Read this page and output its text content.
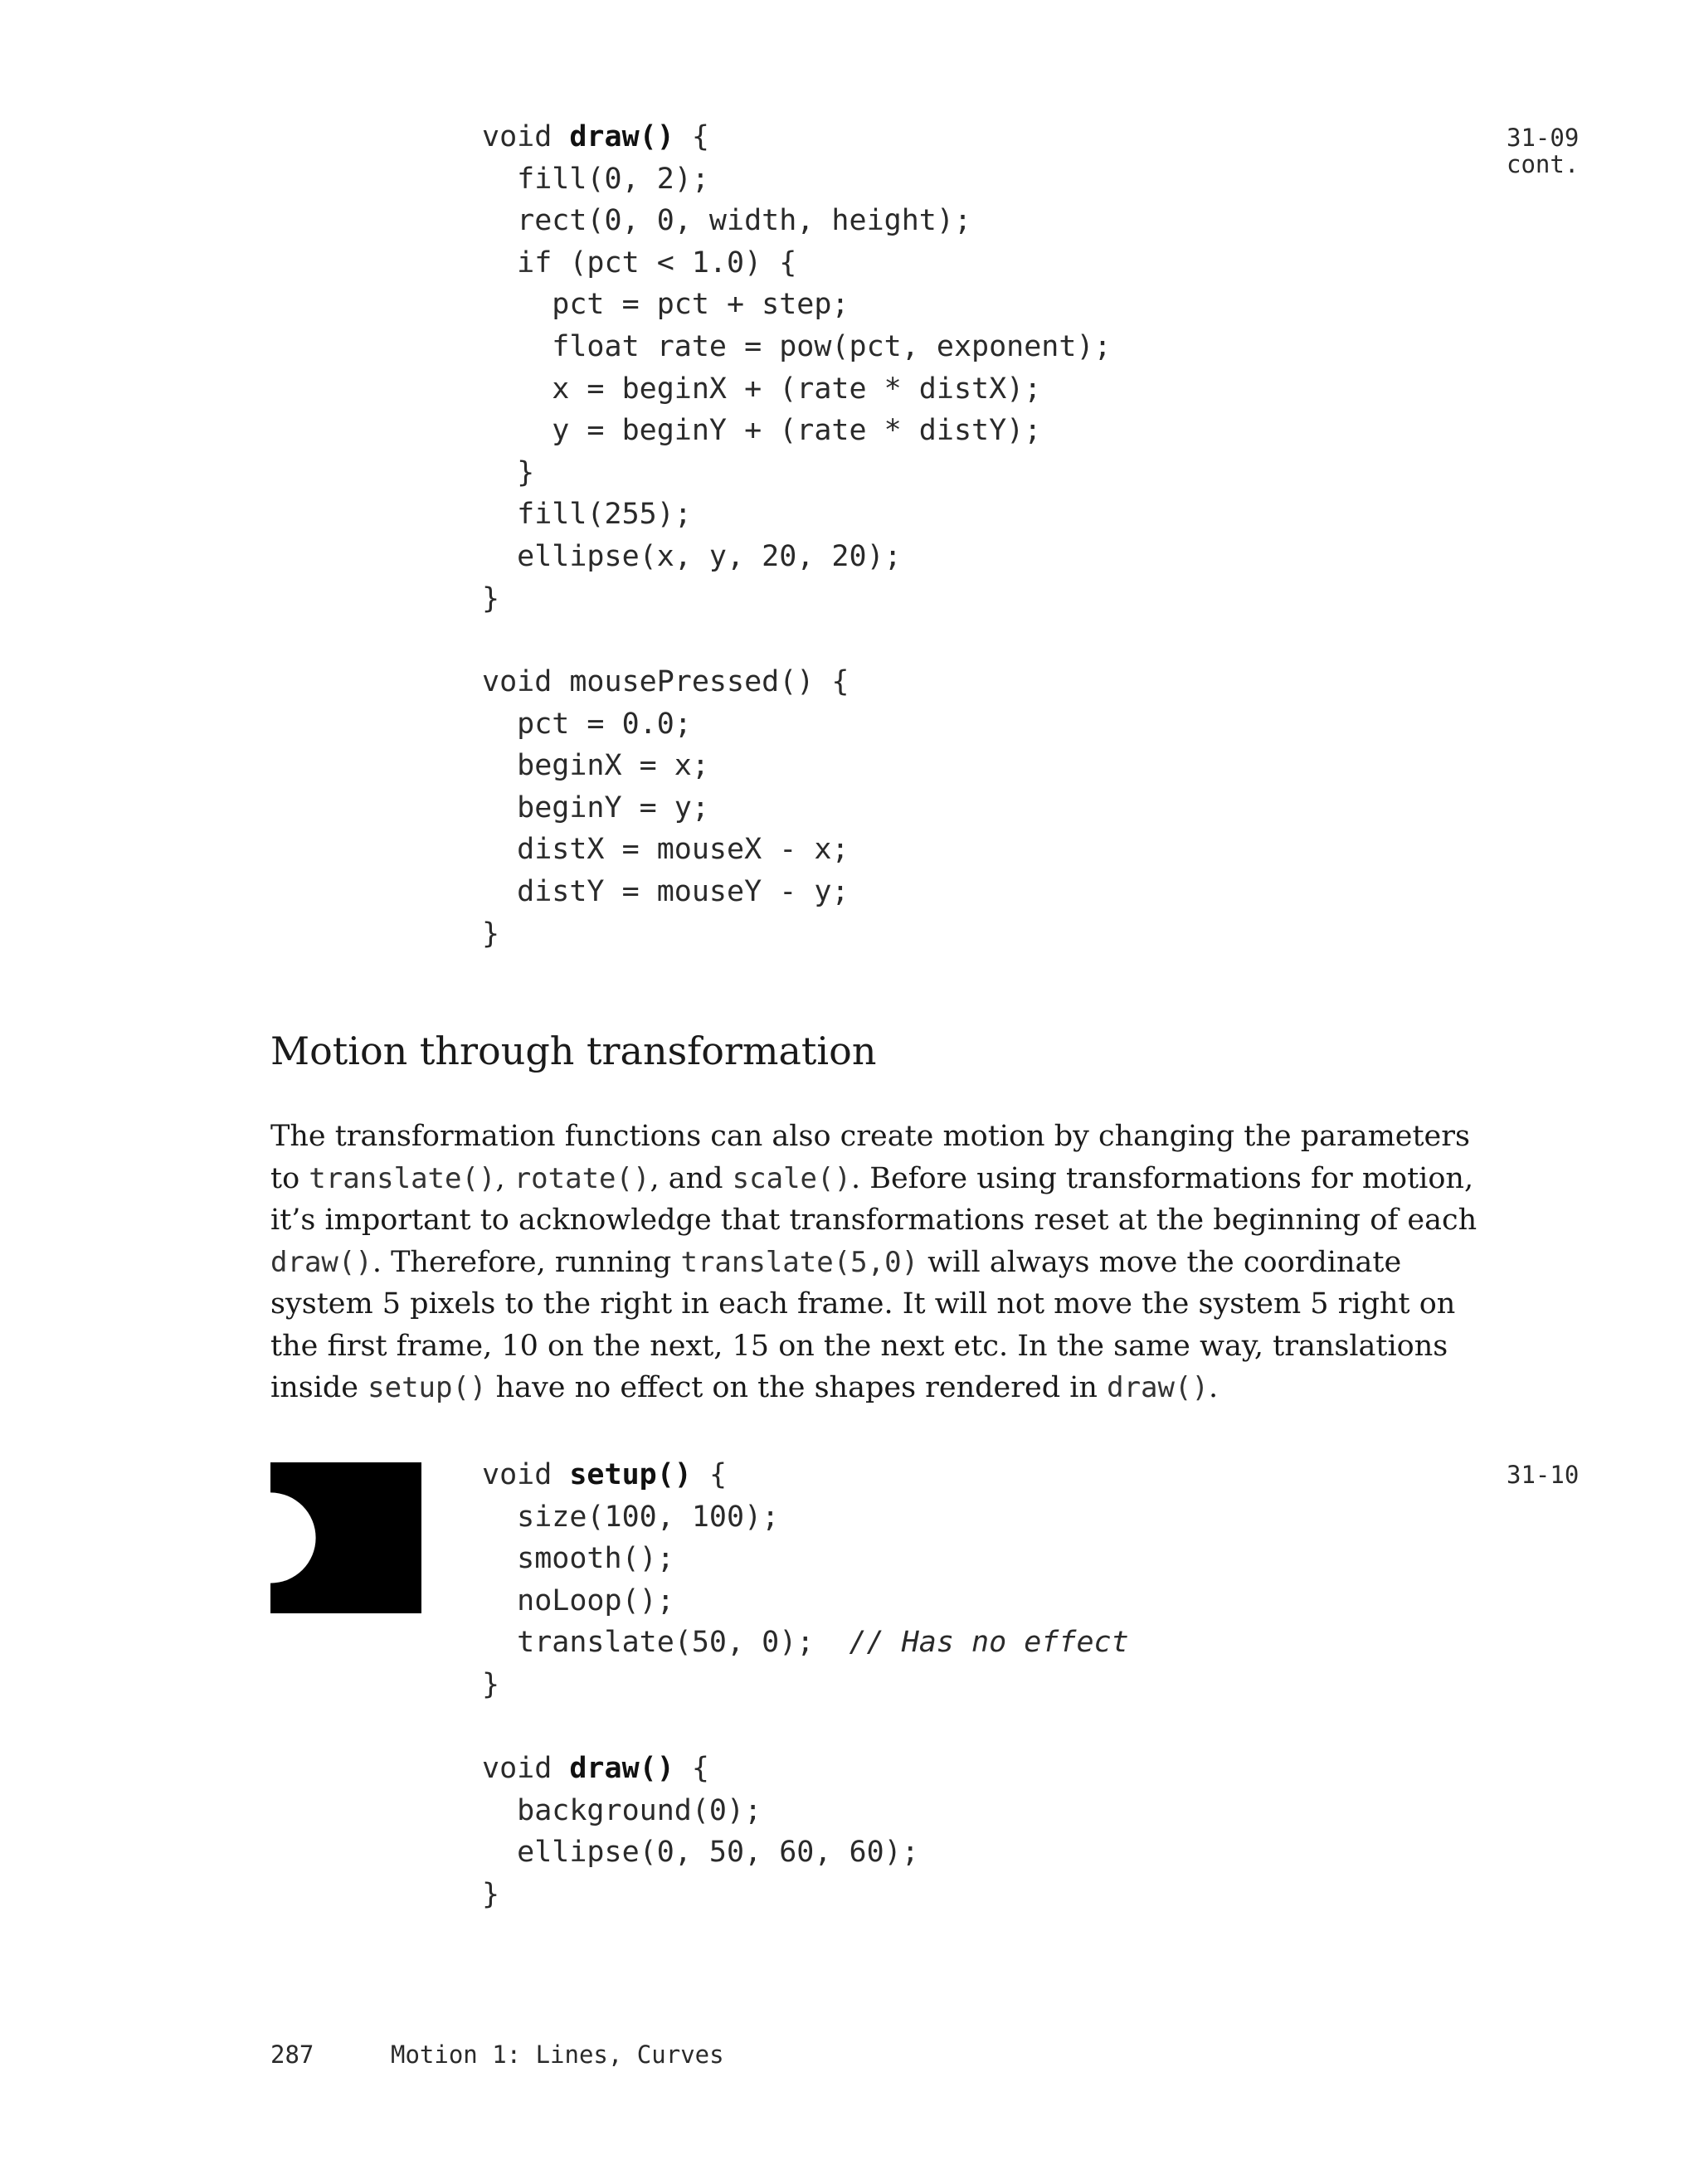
31-09
cont.
void draw() {
fill(0, 2);
rect(0, 0, width, height);
if (pct < 1.0) {
pct = pct + step;
float rate = pow(pct, exponent);
x = beginX + (rate * distX);
y = beginY + (rate * distY);
}
fill(255);
ellipse(x, y, 20, 20);
}
void mousePressed() {
pct = 0.0;
beginX = x;
beginY = y;
distX = mouseX - x;
distY = mouseY - y;
}
Motion through transformation

The transformation functions can also create motion by changing the parameters to translate(), rotate(), and scale(). Before using transformations for motion, it’s important to acknowledge that transformations reset at the beginning of each draw(). Therefore, running translate(5,0) will always move the coordinate system 5 pixels to the right in each frame. It will not move the system 5 right on the first frame, 10 on the next, 15 on the next etc. In the same way, translations inside setup() have no effect on the shapes rendered in draw().

31-10
void setup() {
size(100, 100);
smooth();
noLoop();
translate(50, 0);  // Has no effect
}
void draw() {
background(0);
ellipse(0, 50, 60, 60);
}
287	Motion 1: Lines, Curves
